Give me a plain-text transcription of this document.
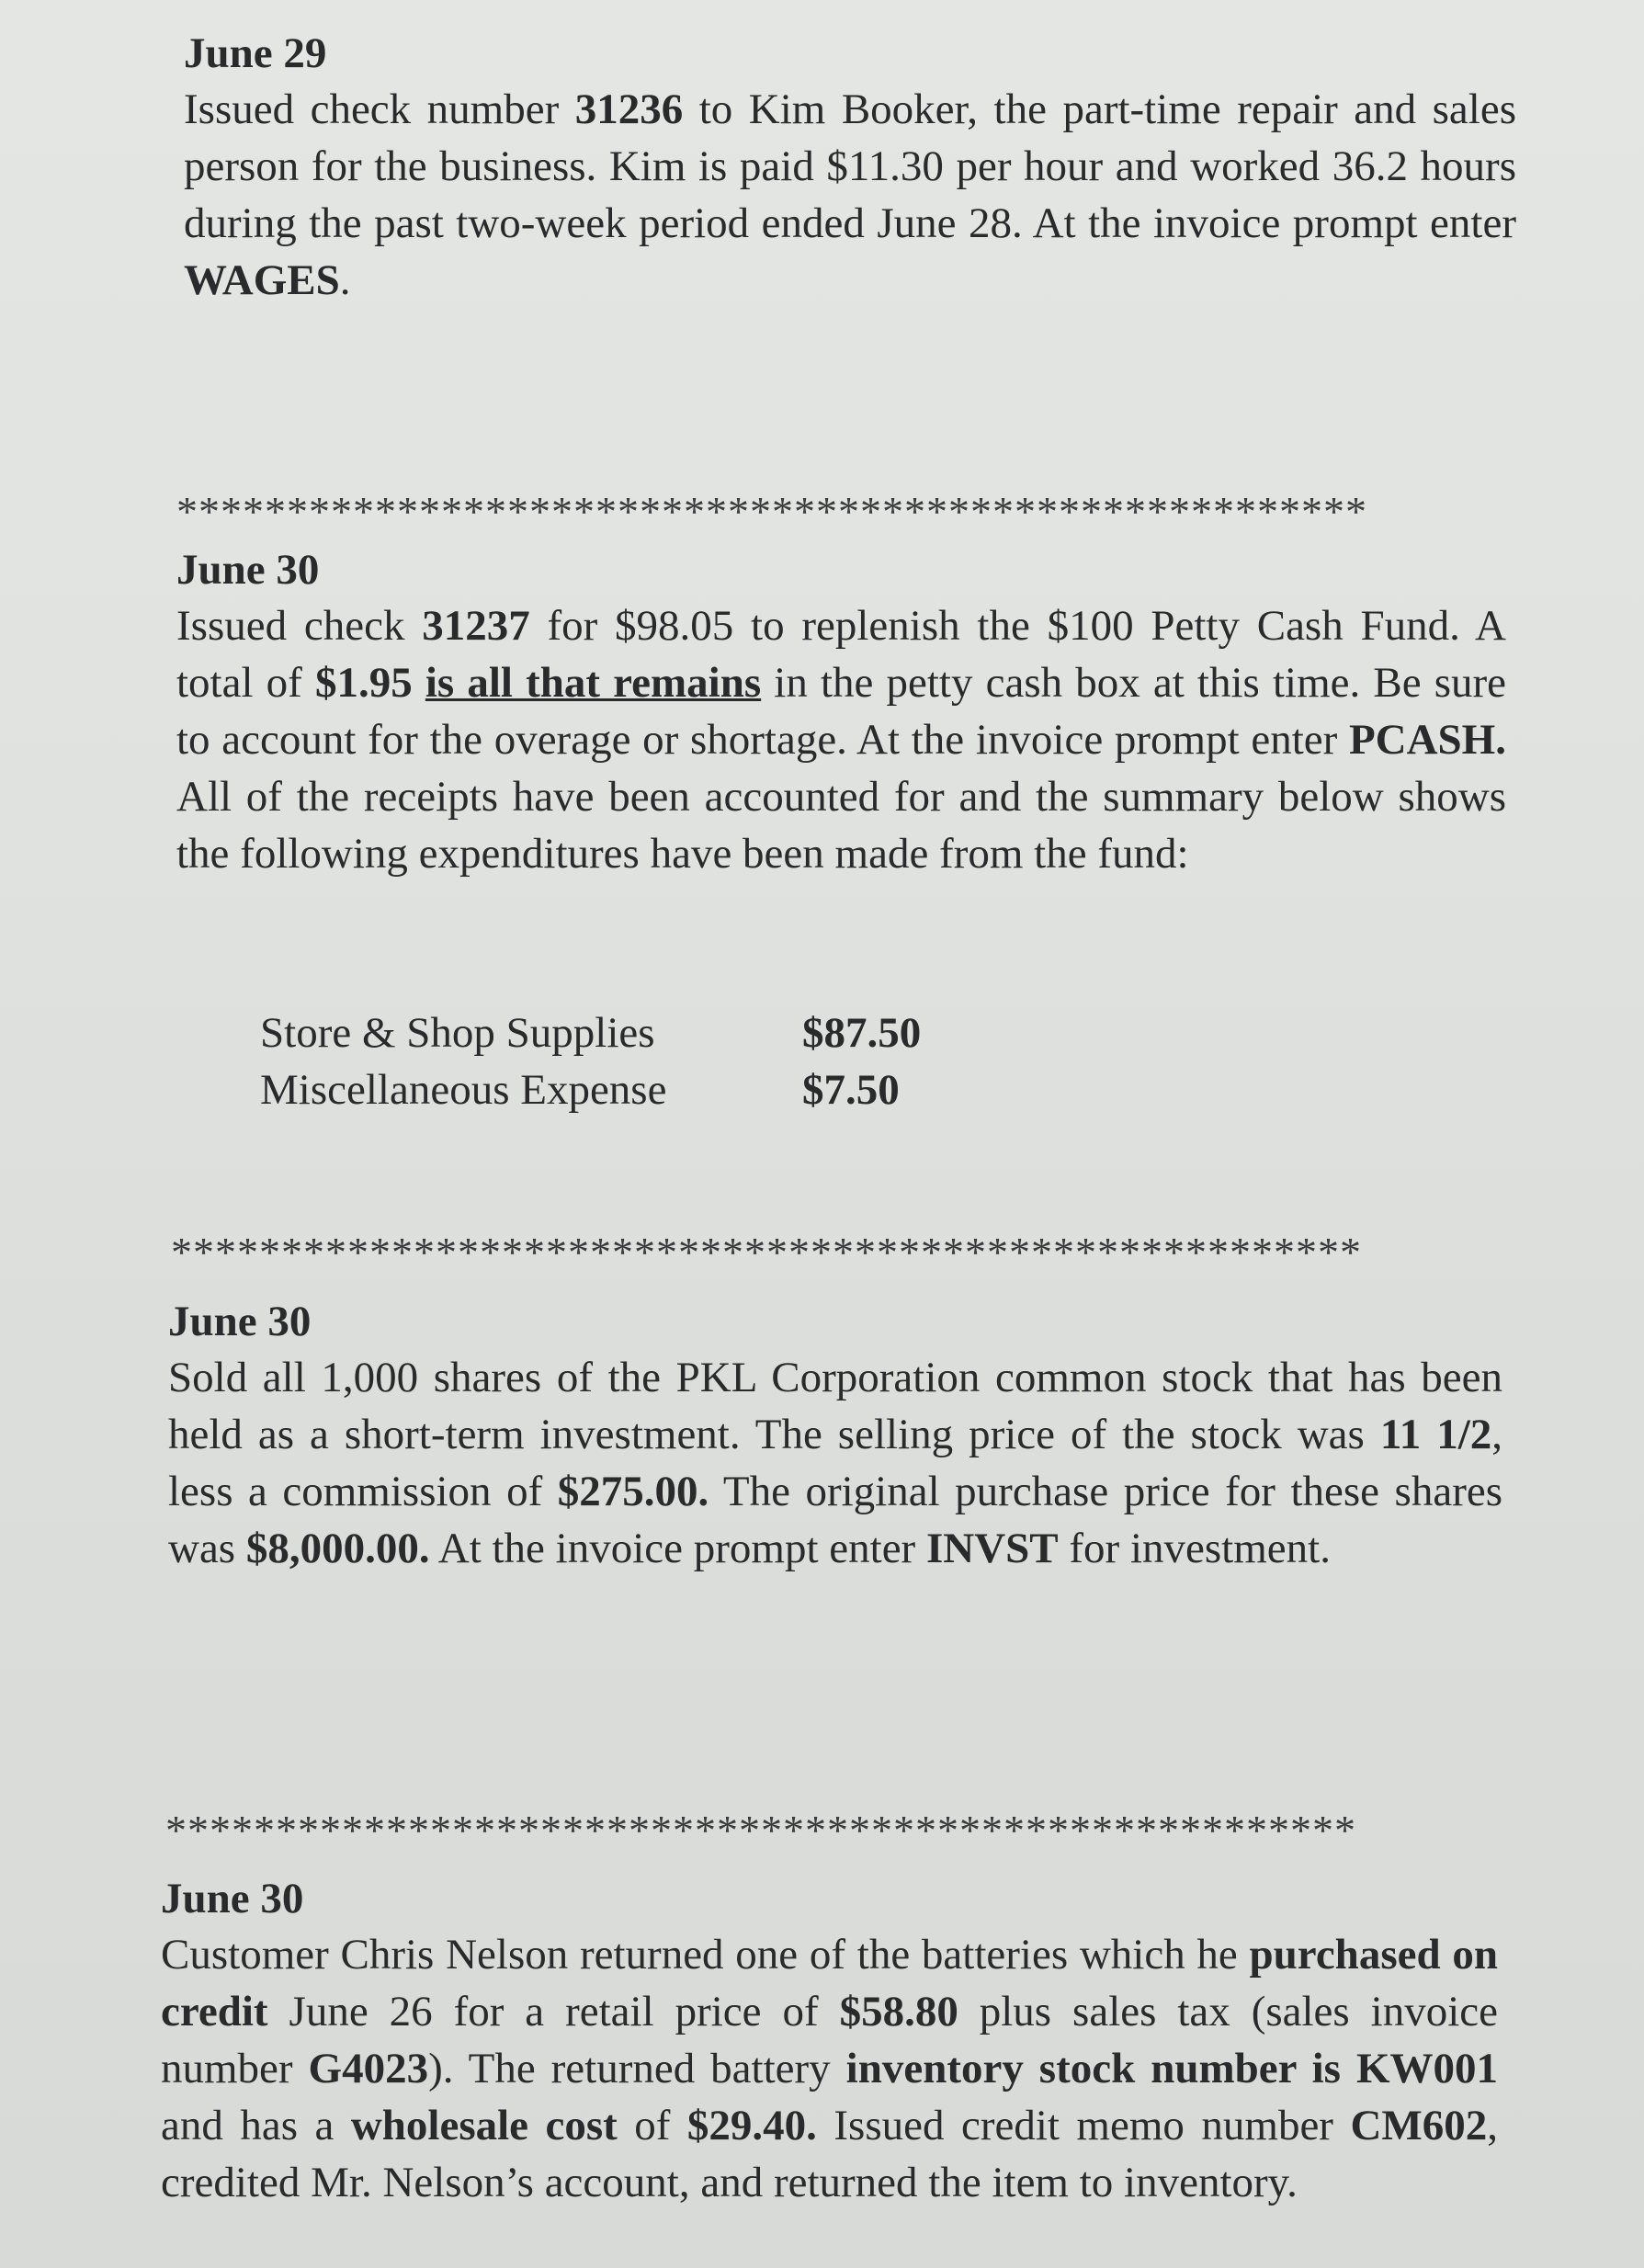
June 29

Issued check number 31236 to Kim Booker, the part-time repair and sales person for the business. Kim is paid $11.30 per hour and worked 36.2 hours during the past two-week period ended June 28. At the invoice prompt enter WAGES.

******************************************************

June 30

Issued check 31237 for $98.05 to replenish the $100 Petty Cash Fund. A total of $1.95 is all that remains in the petty cash box at this time. Be sure to account for the overage or shortage. At the invoice prompt enter PCASH. All of the receipts have been accounted for and the summary below shows the following expenditures have been made from the fund:

Store & Shop Supplies	$87.50
Miscellaneous Expense	$7.50
******************************************************

June 30

Sold all 1,000 shares of the PKL Corporation common stock that has been held as a short-term investment. The selling price of the stock was 11 1/2, less a commission of $275.00. The original purchase price for these shares was $8,000.00. At the invoice prompt enter INVST for investment.

******************************************************

June 30

Customer Chris Nelson returned one of the batteries which he purchased on credit June 26 for a retail price of $58.80 plus sales tax (sales invoice number G4023). The returned battery inventory stock number is KW001 and has a wholesale cost of $29.40. Issued credit memo number CM602, credited Mr. Nelson’s account, and returned the item to inventory.
